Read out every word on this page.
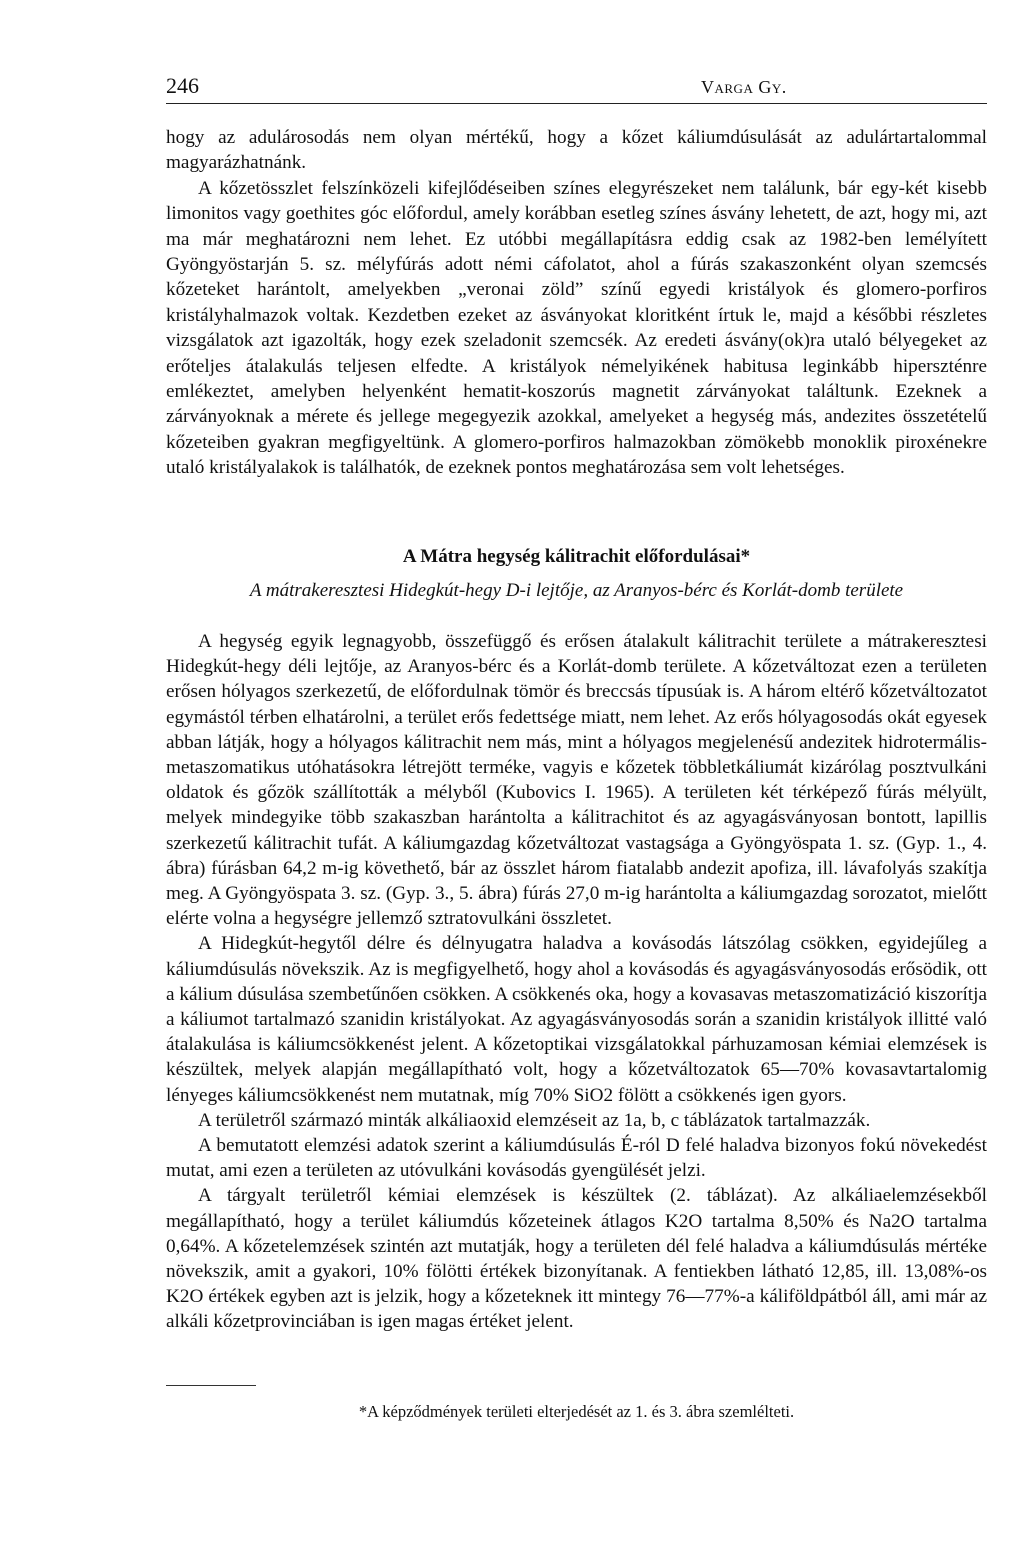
246	Varga Gy.

hogy az adulárosodás nem olyan mértékű, hogy a kőzet káliumdúsulását az adulártartalommal magyarázhatnánk.

A kőzetösszlet felszínközeli kifejlődéseiben színes elegyrészeket nem találunk, bár egy-két kisebb limonitos vagy goethites góc előfordul, amely korábban esetleg színes ásvány lehetett, de azt, hogy mi, azt ma már meghatározni nem lehet. Ez utóbbi megállapításra eddig csak az 1982-ben lemélyített Gyöngyöstarján 5. sz. mélyfúrás adott némi cáfolatot, ahol a fúrás szakaszonként olyan szemcsés kőzeteket harántolt, amelyekben „veronai zöld” színű egyedi kristályok és glomero-porfiros kristályhalmazok voltak. Kezdetben ezeket az ásványokat kloritként írtuk le, majd a későbbi részletes vizsgálatok azt igazolták, hogy ezek szeladonit szemcsék. Az eredeti ásvány(ok)ra utaló bélyegeket az erőteljes átalakulás teljesen elfedte. A kristályok némelyikének habitusa leginkább hiperszténre emlékeztet, amelyben helyenként hematit-koszorús magnetit zárványokat találtunk. Ezeknek a zárványoknak a mérete és jellege megegyezik azokkal, amelyeket a hegység más, andezites összetételű kőzeteiben gyakran megfigyeltünk. A glomero-porfiros halmazokban zömökebb monoklik piroxénekre utaló kristályalakok is találhatók, de ezeknek pontos meghatározása sem volt lehetséges.

A Mátra hegység kálitrachit előfordulásai*
A mátrakeresztesi Hidegkút-hegy D-i lejtője, az Aranyos-bérc és Korlát-domb területe

A hegység egyik legnagyobb, összefüggő és erősen átalakult kálitrachit területe a mátrakeresztesi Hidegkút-hegy déli lejtője, az Aranyos-bérc és a Korlát-domb területe. A kőzetváltozat ezen a területen erősen hólyagos szerkezetű, de előfordulnak tömör és breccsás típusúak is. A három eltérő kőzetváltozatot egymástól térben elhatárolni, a terület erős fedettsége miatt, nem lehet. Az erős hólyagosodás okát egyesek abban látják, hogy a hólyagos kálitrachit nem más, mint a hólyagos megjelenésű andezitek hidrotermális-metaszomatikus utóhatásokra létrejött terméke, vagyis e kőzetek többletkáliumát kizárólag posztvulkáni oldatok és gőzök szállították a mélyből (Kubovics I. 1965). A területen két térképező fúrás mélyült, melyek mindegyike több szakaszban harántolta a kálitrachitot és az agyagásványosan bontott, lapillis szerkezetű kálitrachit tufát. A káliumgazdag kőzetváltozat vastagsága a Gyöngyöspata 1. sz. (Gyp. 1., 4. ábra) fúrásban 64,2 m-ig követhető, bár az összlet három fiatalabb andezit apofiza, ill. lávafolyás szakítja meg. A Gyöngyöspata 3. sz. (Gyp. 3., 5. ábra) fúrás 27,0 m-ig harántolta a káliumgazdag sorozatot, mielőtt elérte volna a hegységre jellemző sztratovulkáni összletet.

A Hidegkút-hegytől délre és délnyugatra haladva a kovásodás látszólag csökken, egyidejűleg a káliumdúsulás növekszik. Az is megfigyelhető, hogy ahol a kovásodás és agyagásványosodás erősödik, ott a kálium dúsulása szembetűnően csökken. A csökkenés oka, hogy a kovasavas metaszomatizáció kiszorítja a káliumot tartalmazó szanidin kristályokat. Az agyagásványosodás során a szanidin kristályok illitté való átalakulása is káliumcsökkenést jelent. A kőzetoptikai vizsgálatokkal párhuzamosan kémiai elemzések is készültek, melyek alapján megállapítható volt, hogy a kőzetváltozatok 65—70% kovasavtartalomig lényeges káliumcsökkenést nem mutatnak, míg 70% SiO2 fölött a csökkenés igen gyors.

A területről származó minták alkáliaoxid elemzéseit az 1a, b, c táblázatok tartalmazzák.

A bemutatott elemzési adatok szerint a káliumdúsulás É-ról D felé haladva bizonyos fokú növekedést mutat, ami ezen a területen az utóvulkáni kovásodás gyengülését jelzi.

A tárgyalt területről kémiai elemzések is készültek (2. táblázat). Az alkáliaelemzésekből megállapítható, hogy a terület káliumdús kőzeteinek átlagos K2O tartalma 8,50% és Na2O tartalma 0,64%. A kőzetelemzések szintén azt mutatják, hogy a területen dél felé haladva a káliumdúsulás mértéke növekszik, amit a gyakori, 10% fölötti értékek bizonyítanak. A fentiekben látható 12,85, ill. 13,08%-os K2O értékek egyben azt is jelzik, hogy a kőzeteknek itt mintegy 76—77%-a káliföldpátból áll, ami már az alkáli kőzetprovinciában is igen magas értéket jelent.

*A képződmények területi elterjedését az 1. és 3. ábra szemlélteti.
